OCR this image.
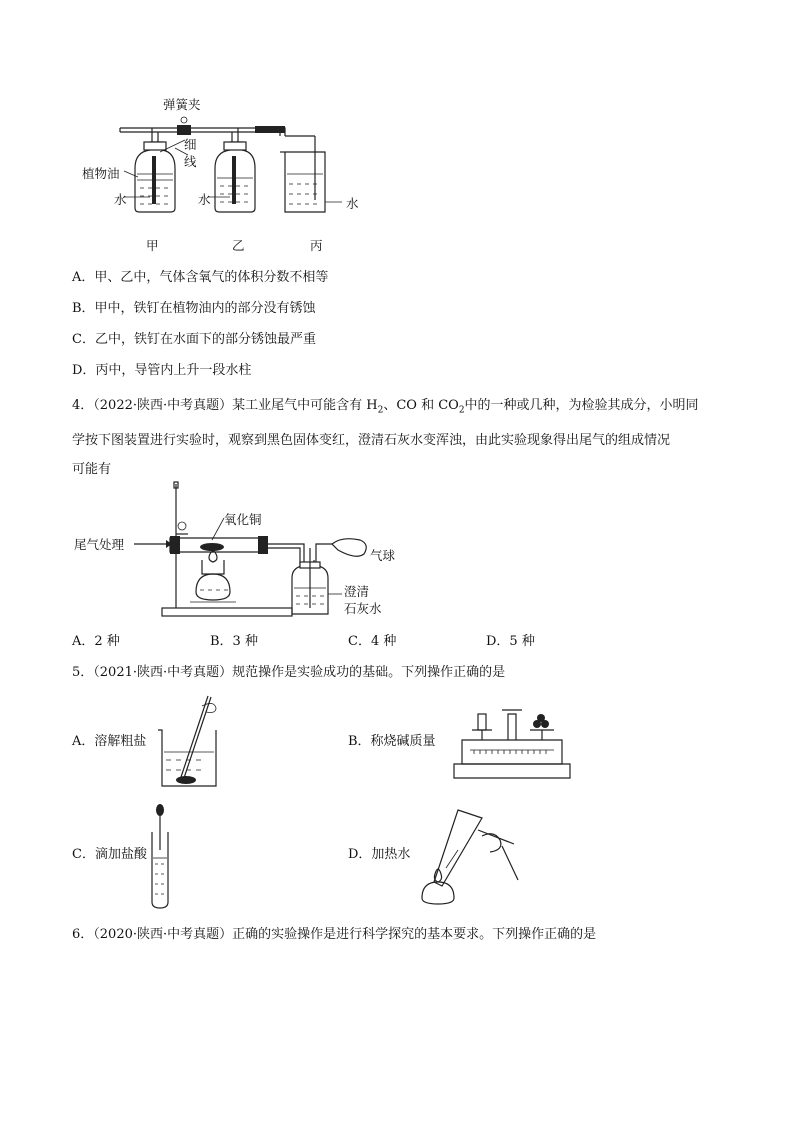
弹簧夹
细
线
植物油
水	水	水
甲	乙	丙
A．甲、乙中，气体含氧气的体积分数不相等
B．甲中，铁钉在植物油内的部分没有锈蚀
C．乙中，铁钉在水面下的部分锈蚀最严重
D．丙中，导管内上升一段水柱
4．（2022·陕西·中考真题）某工业尾气中可能含有 $H_2$、CO 和 $CO_2$中的一种或几种，为检验其成分，小明同
学按下图装置进行实验时，观察到黑色固体变红，澄清石灰水变浑浊，由此实验现象得出尾气的组成情况
可能有
尾气处理
氧化铜
气球
澄清
石灰水
A．2 种	B．3 种	C．4 种	D．5 种
5．（2021·陕西·中考真题）规范操作是实验成功的基础。下列操作正确的是
A．溶解粗盐	B．称烧碱质量
C．滴加盐酸	D．加热水
6．（2020·陕西·中考真题）正确的实验操作是进行科学探究的基本要求。下列操作正确的是
